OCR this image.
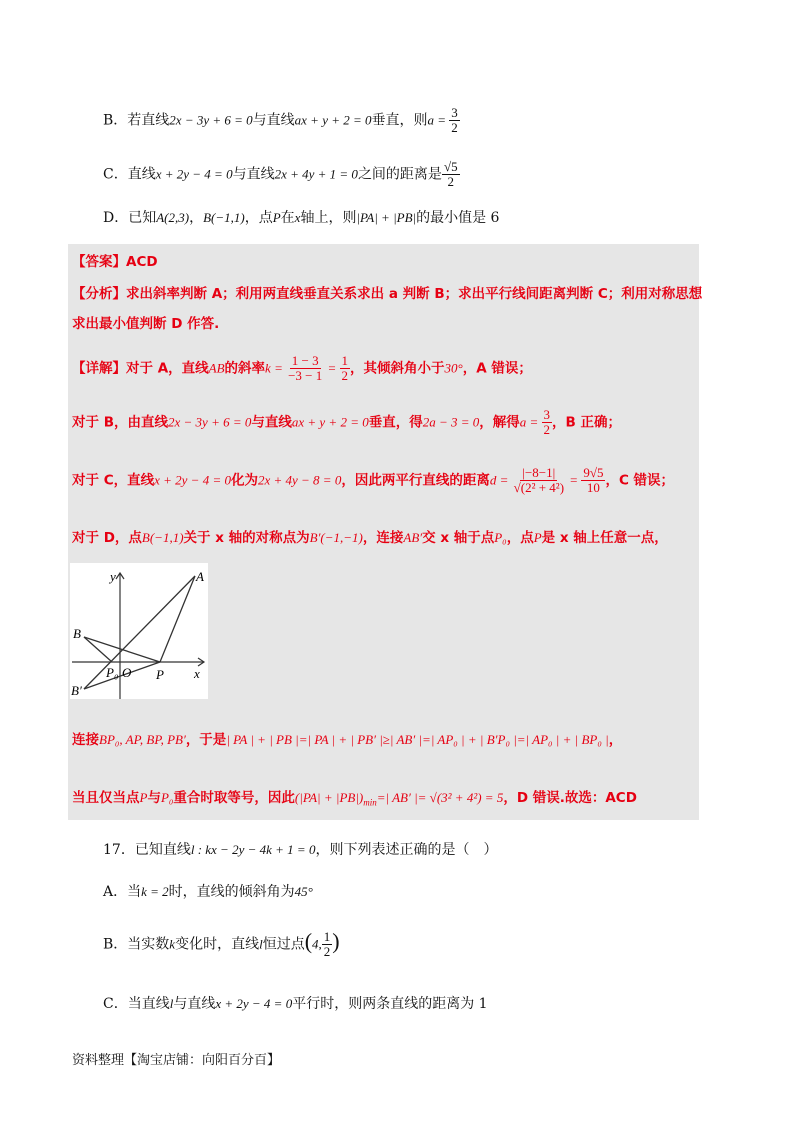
B．若直线2x − 3y + 6 = 0与直线ax + y + 2 = 0垂直，则$a = \frac{3}{2}$
C．直线x + 2y − 4 = 0与直线2x + 4y + 1 = 0之间的距离是 $\frac{√5}{2}$
D．已知A(2,3)，B(−1,1)，点P在x轴上，则|PA| + |PB|的最小值是 6
【答案】ACD
【分析】求出斜率判断 A；利用两直线垂直关系求出 a 判断 B；求出平行线间距离判断 C；利用对称思想
求出最小值判断 D 作答.
【详解】对于 A，直线AB的斜率$k = \frac{1 - 3}{-3 - 1} = \frac{1}{2}$ ，其倾斜角小于30°，A 错误；
对于 B，由直线2x − 3y + 6 = 0与直线ax + y + 2 = 0垂直，得2a − 3 = 0，解得$a = \frac{3}{2}$ ，B 正确；
对于 C，直线x + 2y − 4 = 0化为2x + 4y − 8 = 0，因此两平行直线的距离$d = \frac{|-8-1|}{\text{√(2² + 4²)}} = \frac{9√5}{10}$ ，C 错误；
对于 D，点B(−1,1)关于 x 轴的对称点为B′(−1,−1)，连接AB′交 x 轴于点P₀，点P是 x 轴上任意一点，
y
x
A
B
B′
P₀ O P
连接BP₀, AP, BP, PB′，于是| PA | + | PB |=| PA | + | PB′ |≥| AB′ |=| AP₀ | + | B′P₀ |=| AP₀ | + | BP₀ |，
当且仅当点P与P₀重合时取等号，因此$(|PA| + |PB|)_{min}=|$ AB′ |= √(3² + 4²) = 5，D 错误.故选：ACD
17．已知直线l : kx − 2y − 4k + 1 = 0，则下列表述正确的是（　）
A．当k = 2时，直线的倾斜角为45°
B．当实数k变化时，直线l恒过点(4, $\frac{1}{2}$ )
C．当直线l与直线x + 2y − 4 = 0平行时，则两条直线的距离为 1
资料整理【淘宝店铺：向阳百分百】
